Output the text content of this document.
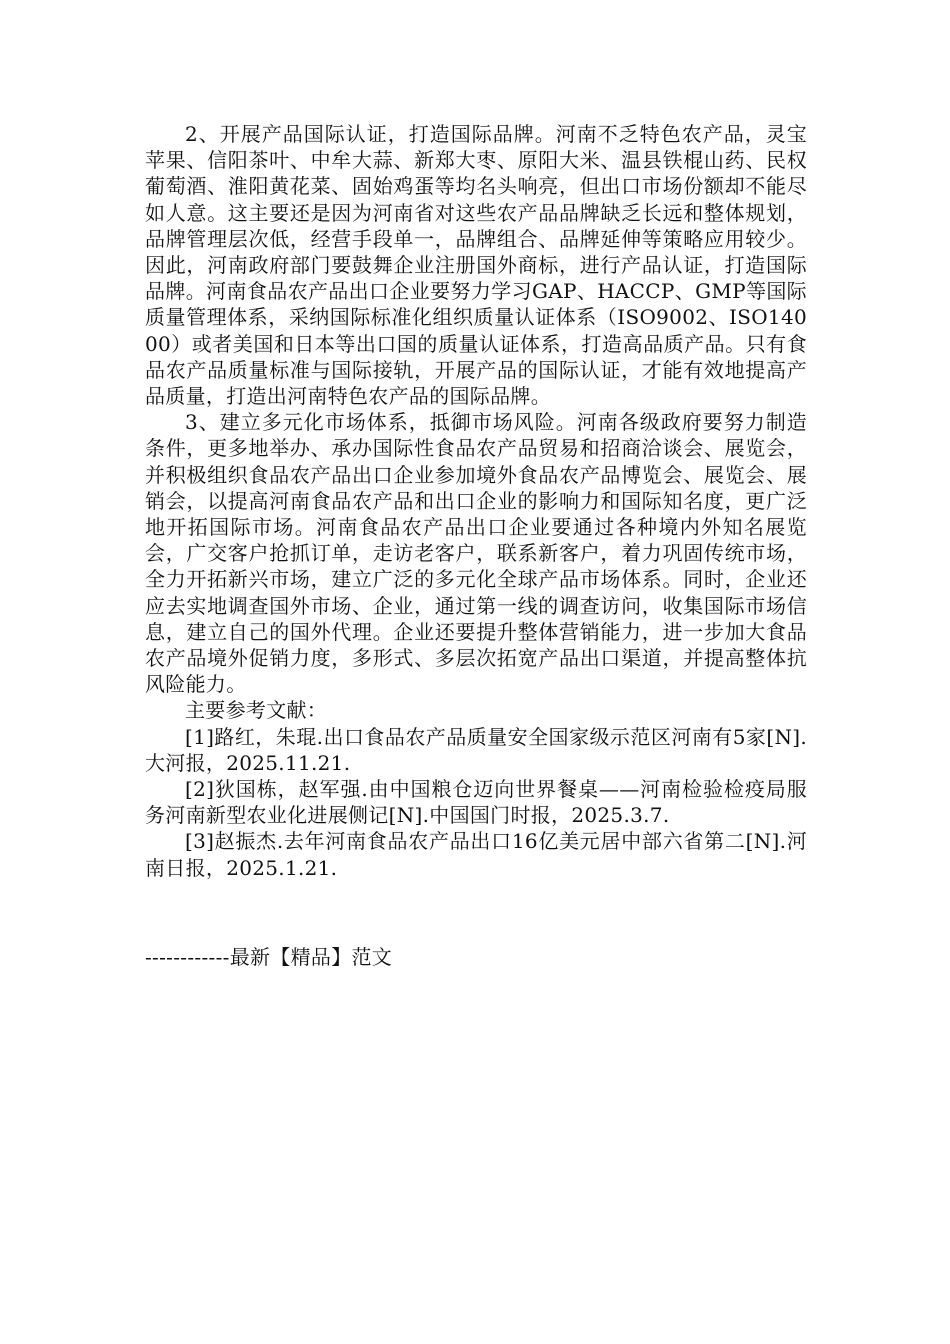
2、开展产品国际认证，打造国际品牌。河南不乏特色农产品，灵宝苹果、信阳茶叶、中牟大蒜、新郑大枣、原阳大米、温县铁棍山药、民权葡萄酒、淮阳黄花菜、固始鸡蛋等均名头响亮，但出口市场份额却不能尽如人意。这主要还是因为河南省对这些农产品品牌缺乏长远和整体规划，品牌管理层次低，经营手段单一，品牌组合、品牌延伸等策略应用较少。因此，河南政府部门要鼓舞企业注册国外商标，进行产品认证，打造国际品牌。河南食品农产品出口企业要努力学习GAP、HACCP、GMP等国际质量管理体系，采纳国际标准化组织质量认证体系（ISO9002、ISO14000）或者美国和日本等出口国的质量认证体系，打造高品质产品。只有食品农产品质量标准与国际接轨，开展产品的国际认证，才能有效地提高产品质量，打造出河南特色农产品的国际品牌。

3、建立多元化市场体系，抵御市场风险。河南各级政府要努力制造条件，更多地举办、承办国际性食品农产品贸易和招商洽谈会、展览会，并积极组织食品农产品出口企业参加境外食品农产品博览会、展览会、展销会，以提高河南食品农产品和出口企业的影响力和国际知名度，更广泛地开拓国际市场。河南食品农产品出口企业要通过各种境内外知名展览会，广交客户抢抓订单，走访老客户，联系新客户，着力巩固传统市场，全力开拓新兴市场，建立广泛的多元化全球产品市场体系。同时，企业还应去实地调查国外市场、企业，通过第一线的调查访问，收集国际市场信息，建立自己的国外代理。企业还要提升整体营销能力，进一步加大食品农产品境外促销力度，多形式、多层次拓宽产品出口渠道，并提高整体抗风险能力。

主要参考文献：

[1]路红，朱琨.出口食品农产品质量安全国家级示范区河南有5家[N].大河报，2025.11.21.

[2]狄国栋，赵军强.由中国粮仓迈向世界餐桌——河南检验检疫局服务河南新型农业化进展侧记[N].中国国门时报，2025.3.7.

[3]赵振杰.去年河南食品农产品出口16亿美元居中部六省第二[N].河南日报，2025.1.21.

------------最新【精品】范文
